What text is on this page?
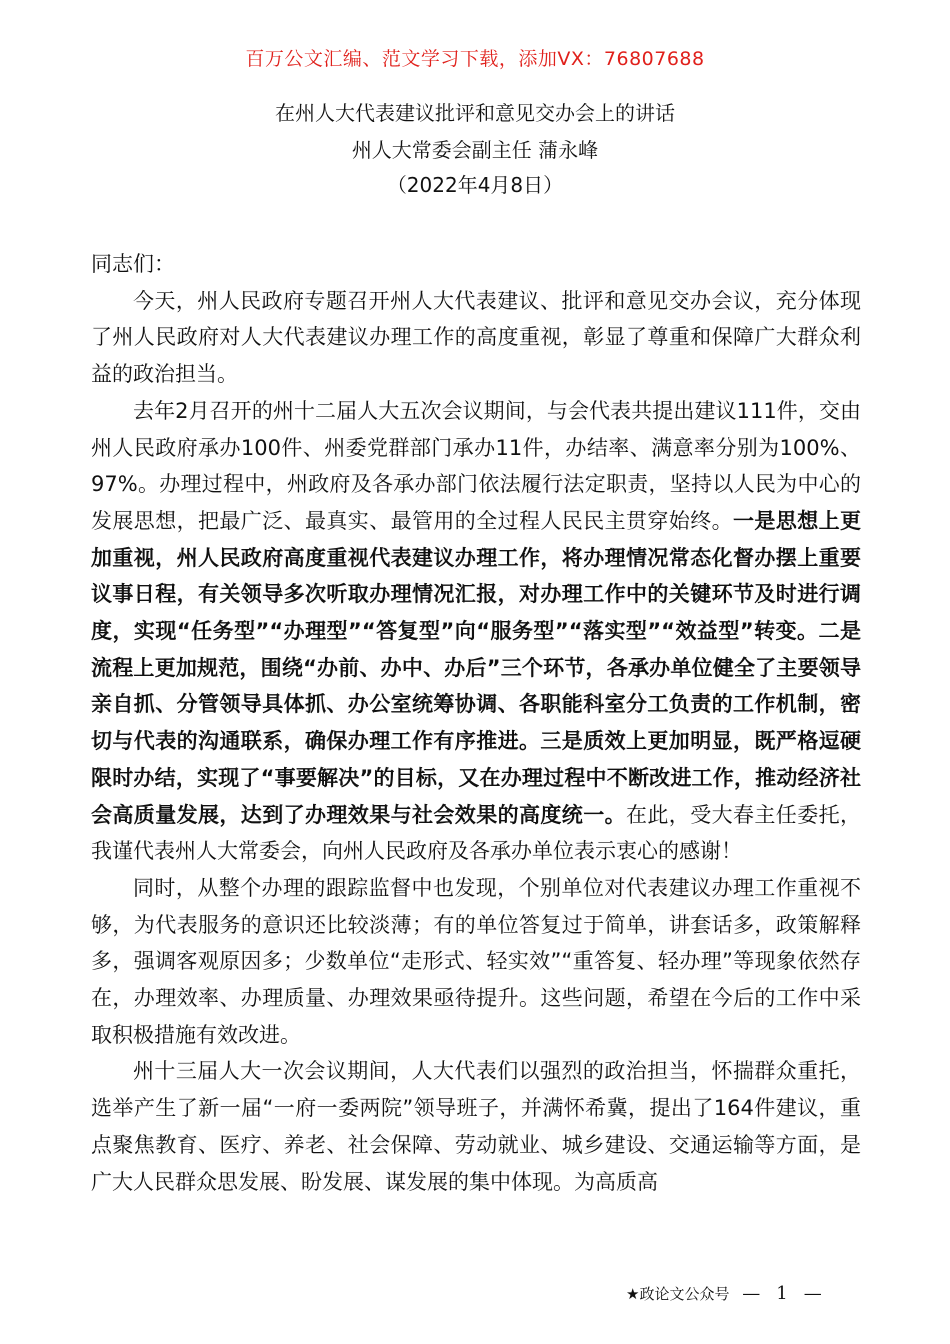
百万公文汇编、范文学习下载，添加VX：76807688
在州人大代表建议批评和意见交办会上的讲话
州人大常委会副主任 蒲永峰
（2022年4月8日）

同志们：

今天，州人民政府专题召开州人大代表建议、批评和意见交办会议，充分体现了州人民政府对人大代表建议办理工作的高度重视，彰显了尊重和保障广大群众利益的政治担当。

去年2月召开的州十二届人大五次会议期间，与会代表共提出建议111件，交由州人民政府承办100件、州委党群部门承办11件，办结率、满意率分别为100%、97%。办理过程中，州政府及各承办部门依法履行法定职责，坚持以人民为中心的发展思想，把最广泛、最真实、最管用的全过程人民民主贯穿始终。一是思想上更加重视，州人民政府高度重视代表建议办理工作，将办理情况常态化督办摆上重要议事日程，有关领导多次听取办理情况汇报，对办理工作中的关键环节及时进行调度，实现“任务型”“办理型”“答复型”向“服务型”“落实型”“效益型”转变。二是流程上更加规范，围绕“办前、办中、办后”三个环节，各承办单位健全了主要领导亲自抓、分管领导具体抓、办公室统筹协调、各职能科室分工负责的工作机制，密切与代表的沟通联系，确保办理工作有序推进。三是质效上更加明显，既严格逗硬限时办结，实现了“事要解决”的目标，又在办理过程中不断改进工作，推动经济社会高质量发展，达到了办理效果与社会效果的高度统一。在此，受大春主任委托，我谨代表州人大常委会，向州人民政府及各承办单位表示衷心的感谢！

同时，从整个办理的跟踪监督中也发现，个别单位对代表建议办理工作重视不够，为代表服务的意识还比较淡薄；有的单位答复过于简单，讲套话多，政策解释多，强调客观原因多；少数单位“走形式、轻实效”“重答复、轻办理”等现象依然存在，办理效率、办理质量、办理效果亟待提升。这些问题，希望在今后的工作中采取积极措施有效改进。

州十三届人大一次会议期间，人大代表们以强烈的政治担当，怀揣群众重托，选举产生了新一届“一府一委两院”领导班子，并满怀希冀，提出了164件建议，重点聚焦教育、医疗、养老、社会保障、劳动就业、城乡建设、交通运输等方面，是广大人民群众思发展、盼发展、谋发展的集中体现。为高质高

★政论文公众号 — 1 —
